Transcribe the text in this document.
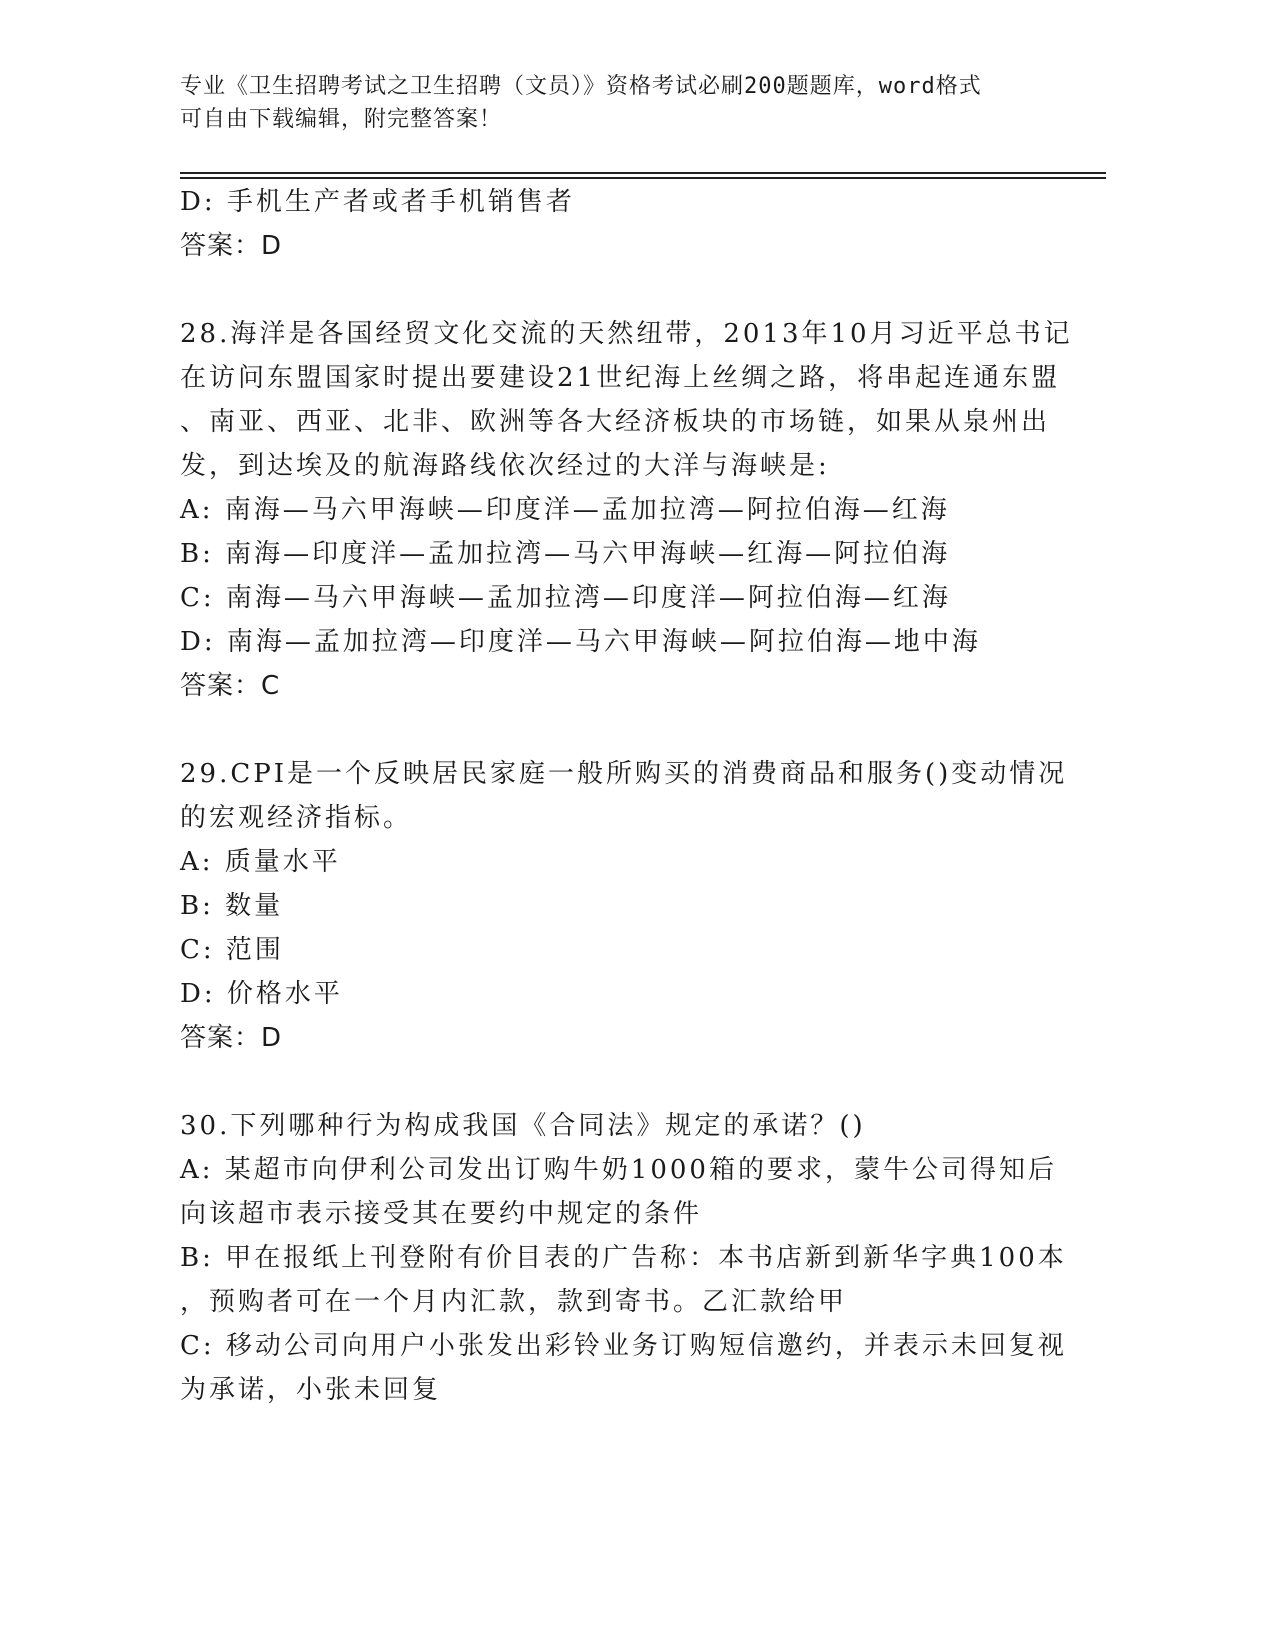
专业《卫生招聘考试之卫生招聘（文员）》资格考试必刷200题题库，word格式
可自由下载编辑，附完整答案！
D: 手机生产者或者手机销售者
答案：D
28.海洋是各国经贸文化交流的天然纽带，2013年10月习近平总书记
在访问东盟国家时提出要建设21世纪海上丝绸之路，将串起连通东盟
、南亚、西亚、北非、欧洲等各大经济板块的市场链，如果从泉州出
发，到达埃及的航海路线依次经过的大洋与海峡是:
A: 南海—马六甲海峡—印度洋—孟加拉湾—阿拉伯海—红海
B: 南海—印度洋—孟加拉湾—马六甲海峡—红海—阿拉伯海
C: 南海—马六甲海峡—孟加拉湾—印度洋—阿拉伯海—红海
D: 南海—孟加拉湾—印度洋—马六甲海峡—阿拉伯海—地中海
答案：C
29.CPI是一个反映居民家庭一般所购买的消费商品和服务()变动情况
的宏观经济指标。
A: 质量水平
B: 数量
C: 范围
D: 价格水平
答案：D
30.下列哪种行为构成我国《合同法》规定的承诺？()
A: 某超市向伊利公司发出订购牛奶1000箱的要求，蒙牛公司得知后
向该超市表示接受其在要约中规定的条件
B: 甲在报纸上刊登附有价目表的广告称：本书店新到新华字典100本
，预购者可在一个月内汇款，款到寄书。乙汇款给甲
C: 移动公司向用户小张发出彩铃业务订购短信邀约，并表示未回复视
为承诺，小张未回复
